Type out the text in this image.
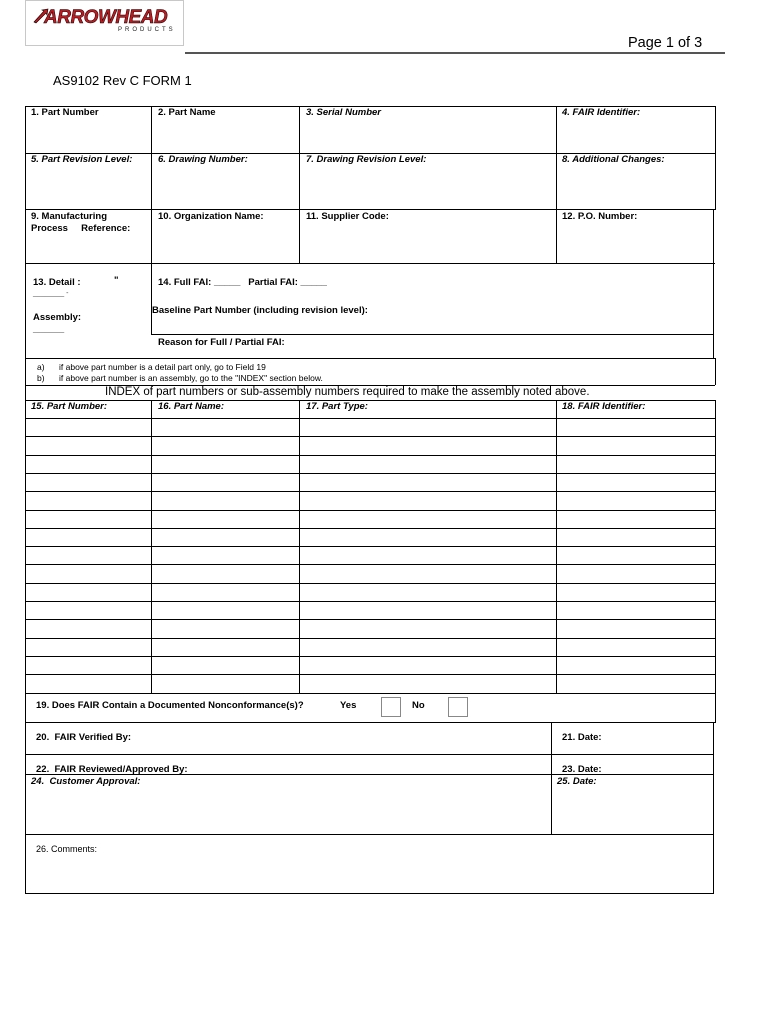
ARROWHEAD
PRODUCTS
Page 1 of 3
AS9102 Rev C FORM 1
1. Part Number	2. Part Name	3. Serial Number	4. FAIR Identifier:
5. Part Revision Level:	6. Drawing Number:	7. Drawing Revision Level:	8. Additional Changes:
9. Manufacturing
Process     Reference:
10. Organization Name:	11. Supplier Code:	12. P.O. Number:
13. Detail :	"
________ -
Assembly:
________
14. Full FAI: _____   Partial FAI: _____
Baseline Part Number (including revision level):
Reason for Full / Partial FAI:
a) if above part number is a detail part only, go to Field 19
b) if above part number is an assembly, go to the "INDEX" section below.
INDEX of part numbers or sub-assembly numbers required to make the assembly noted above.
15. Part Number:	16. Part Name:	17. Part Type:	18. FAIR Identifier:
19. Does FAIR Contain a Documented Nonconformance(s)?	Yes	No
20.  FAIR Verified By:	21. Date:
22.  FAIR Reviewed/Approved By:	23. Date:
24.  Customer Approval:	25. Date:
26. Comments:
